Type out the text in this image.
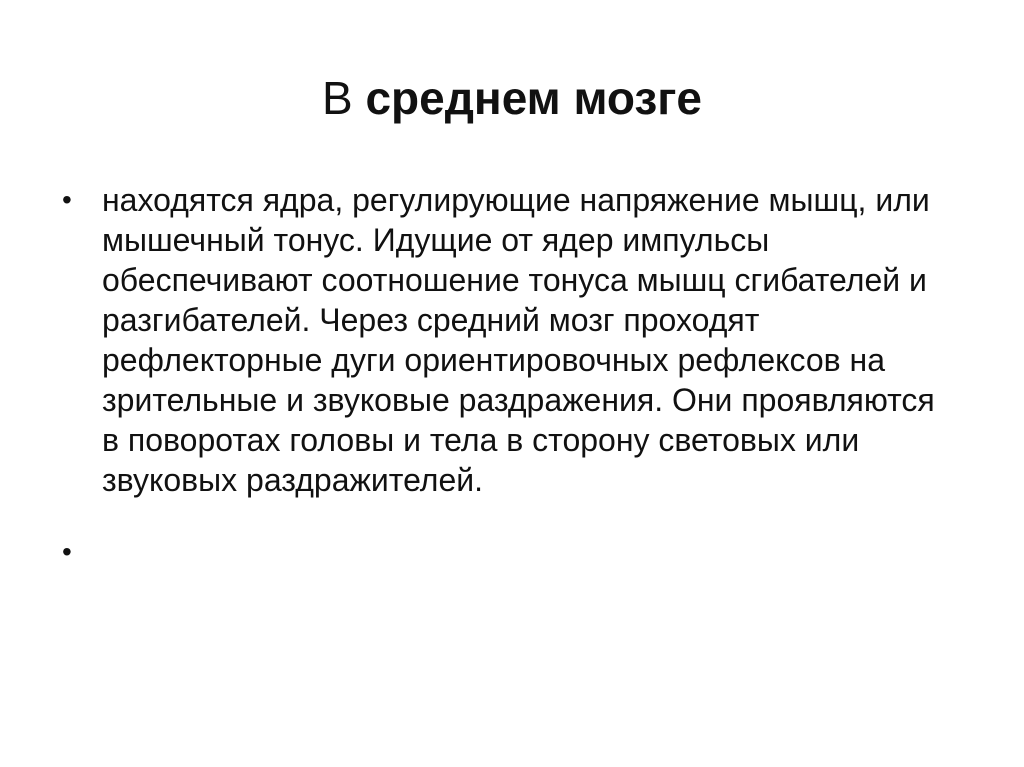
В среднем мозге
• находятся ядра, регулирующие напряжение мышц, или мышечный тонус. Идущие от ядер импульсы обеспечивают соотношение тонуса мышц сгибателей и разгибателей. Через средний мозг проходят рефлекторные дуги ориентировочных рефлексов на зрительные и звуковые раздражения. Они проявляются в поворотах головы и тела в сторону световых или звуковых раздражителей.
•
